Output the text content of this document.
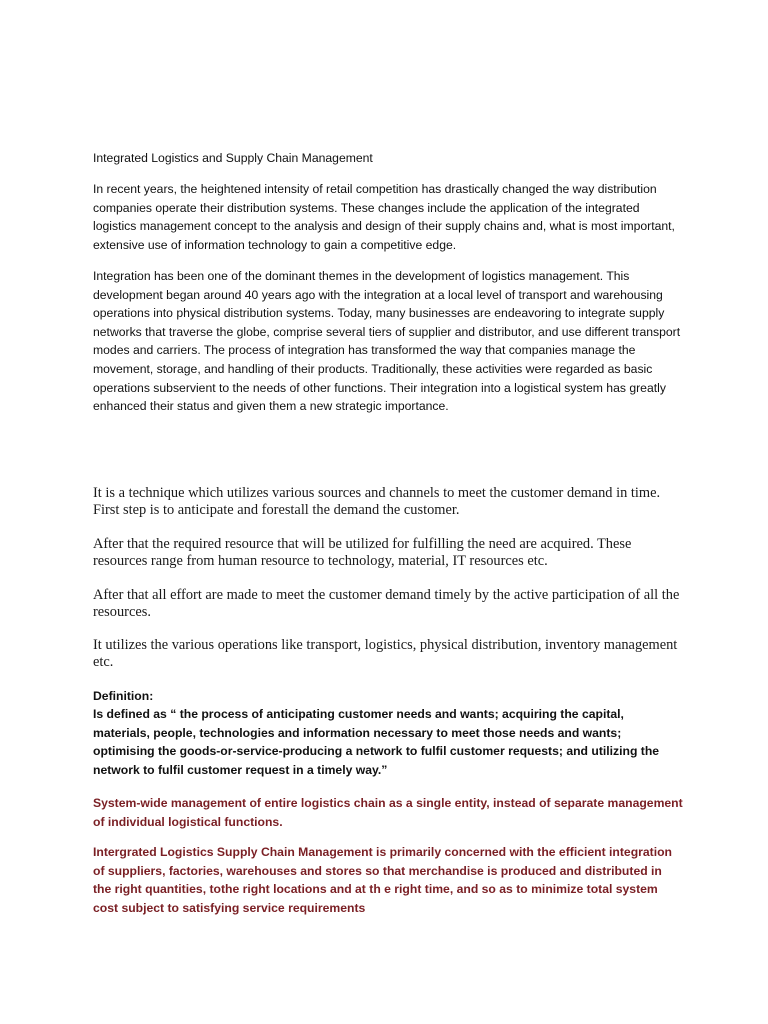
Integrated Logistics and Supply Chain Management

In recent years, the heightened intensity of retail competition has drastically changed the way distribution companies operate their distribution systems. These changes include the application of the integrated logistics management concept to the analysis and design of their supply chains and, what is most important, extensive use of information technology to gain a competitive edge.

Integration has been one of the dominant themes in the development of logistics management. This development began around 40 years ago with the integration at a local level of transport and warehousing operations into physical distribution systems. Today, many businesses are endeavoring to integrate supply networks that traverse the globe, comprise several tiers of supplier and distributor, and use different transport modes and carriers. The process of integration has transformed the way that companies manage the movement, storage, and handling of their products. Traditionally, these activities were regarded as basic operations subservient to the needs of other functions. Their integration into a logistical system has greatly enhanced their status and given them a new strategic importance.

It is a technique which utilizes various sources and channels to meet the customer demand in time. First step is to anticipate and forestall the demand the customer.

After that the required resource that will be utilized for fulfilling the need are acquired. These resources range from human resource to technology, material, IT resources etc.

After that all effort are made to meet the customer demand timely by the active participation of all the resources.

It utilizes the various operations like transport, logistics, physical distribution, inventory management etc.

Definition:

Is defined as “ the process of anticipating customer needs and wants; acquiring the capital, materials, people, technologies and information necessary to meet those needs and wants; optimising the goods-or-service-producing a network to fulfil customer requests; and utilizing the network to fulfil customer request in a timely way.”

System-wide management of entire logistics chain as a single entity, instead of separate management of individual logistical functions.

Intergrated Logistics Supply Chain Management is primarily concerned with the efficient integration of suppliers, factories, warehouses and stores so that merchandise is produced and distributed in the right quantities, tothe right locations and at th e right time, and so as to minimize total system cost subject to satisfying service requirements
